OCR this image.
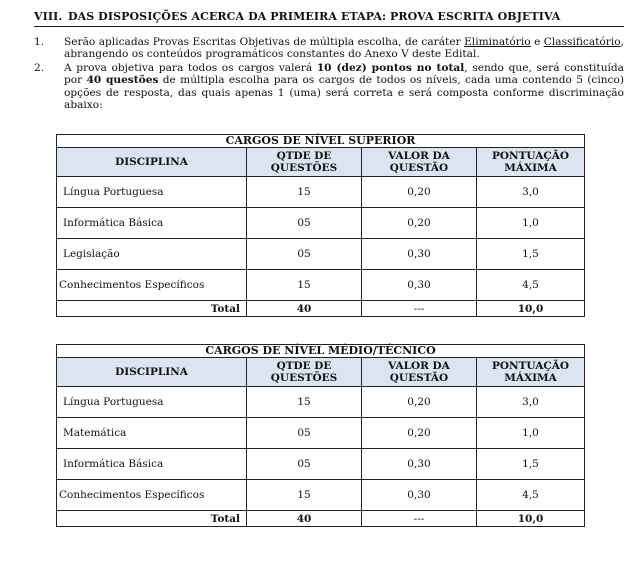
VIII. DAS DISPOSIÇÕES ACERCA DA PRIMEIRA ETAPA: PROVA ESCRITA OBJETIVA
1.	Serão aplicadas Provas Escritas Objetivas de múltipla escolha, de caráter Eliminatório e Classificatório, abrangendo os conteúdos programáticos constantes do Anexo V deste Edital.
2.	A prova objetiva para todos os cargos valerá 10 (dez) pontos no total, sendo que, será constituída por 40 questões de múltipla escolha para os cargos de todos os níveis, cada uma contendo 5 (cinco) opções de resposta, das quais apenas 1 (uma) será correta e será composta conforme discriminação abaixo:
CARGOS DE NÍVEL SUPERIOR			
DISCIPLINA	QTDE DE QUESTÕES	VALOR DA QUESTÃO	PONTUAÇÃO MÁXIMA
Língua Portuguesa	15	0,20	3,0
Informática Básica	05	0,20	1,0
Legislação	05	0,30	1,5
Conhecimentos Específicos	15	0,30	4,5
Total	40	---	10,0
CARGOS DE NÍVEL MÉDIO/TÉCNICO			
DISCIPLINA	QTDE DE QUESTÕES	VALOR DA QUESTÃO	PONTUAÇÃO MÁXIMA
Língua Portuguesa	15	0,20	3,0
Matemática	05	0,20	1,0
Informática Básica	05	0,30	1,5
Conhecimentos Específicos	15	0,30	4,5
Total	40	---	10,0
